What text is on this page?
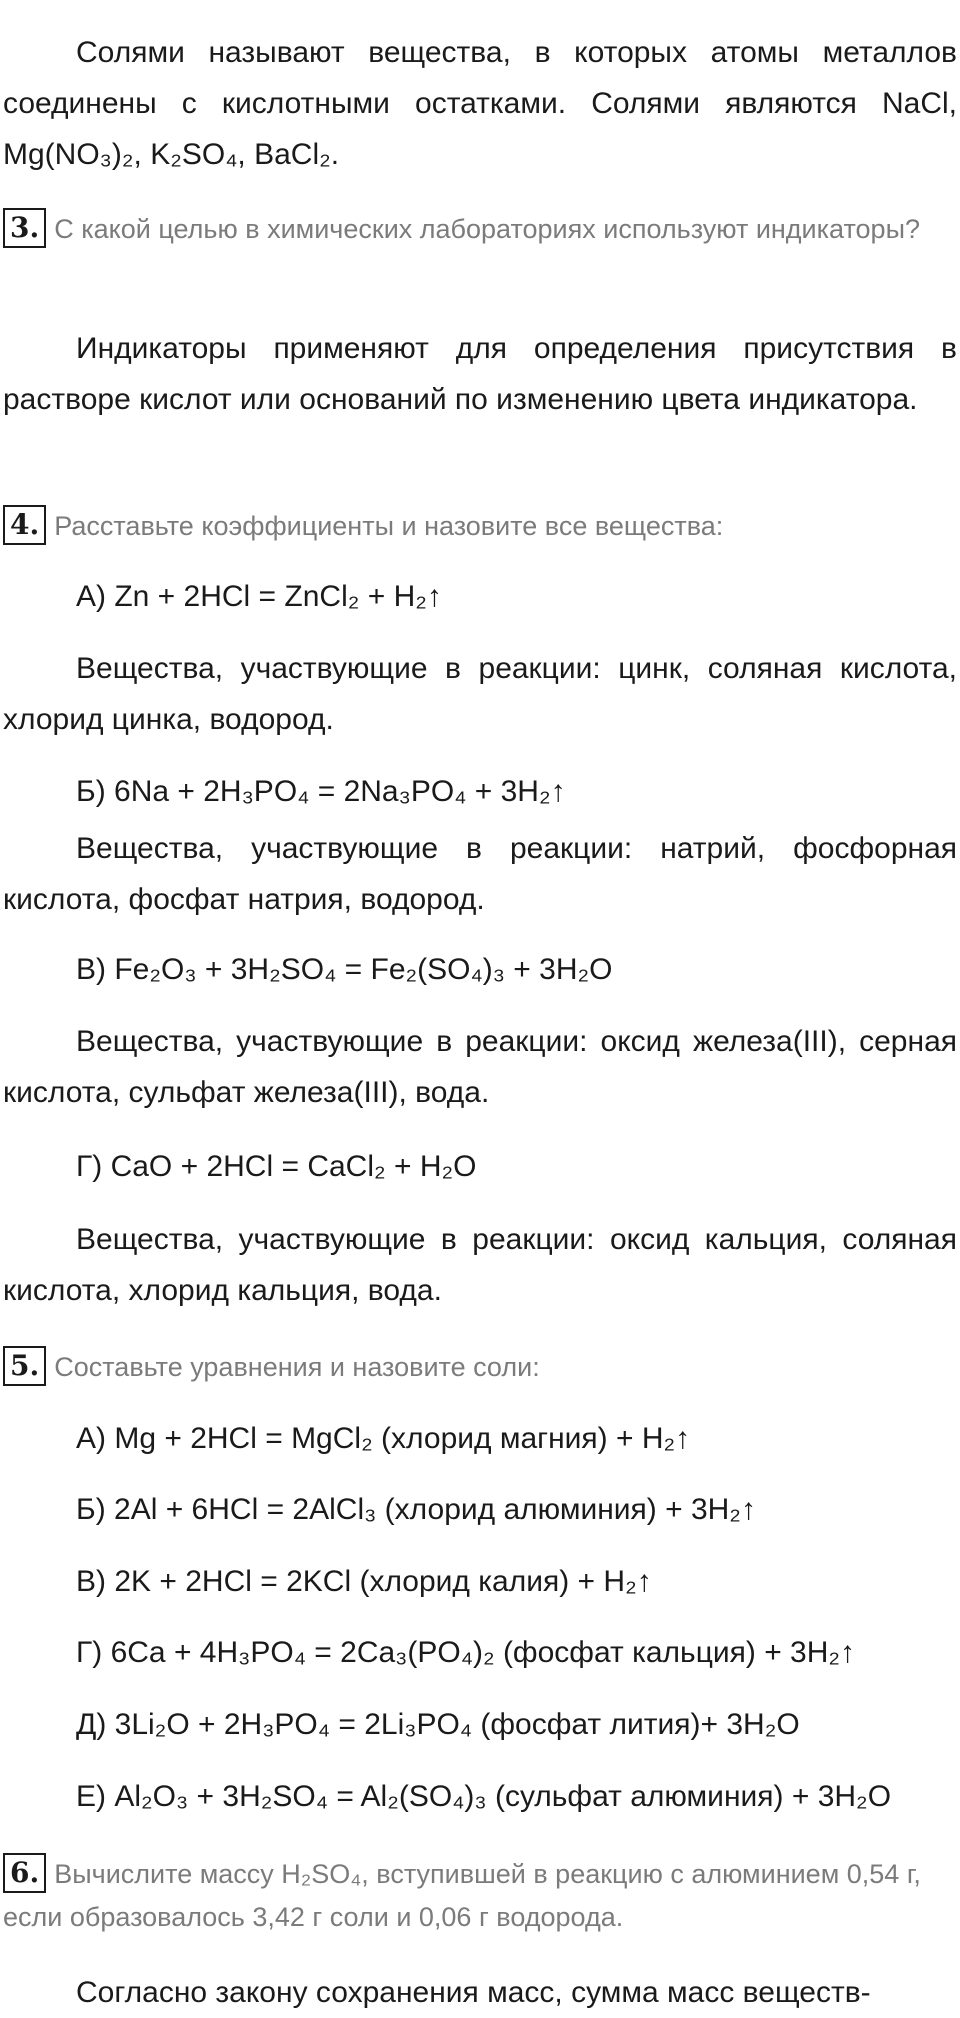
Солями называют вещества, в которых атомы металлов соединены с кислотными остатками. Солями являются NaCl, Mg(NO₃)₂, K₂SO₄, BaCl₂.

3. С какой целью в химических лабораториях используют индикаторы?

Индикаторы применяют для определения присутствия в растворе кислот или оснований по изменению цвета индикатора.

4. Расставьте коэффициенты и назовите все вещества:

А) Zn + 2HCl = ZnCl₂ + H₂↑

Вещества, участвующие в реакции: цинк, соляная кислота, хлорид цинка, водород.

Б) 6Na + 2H₃PO₄ = 2Na₃PO₄ + 3H₂↑

Вещества, участвующие в реакции: натрий, фосфорная кислота, фосфат натрия, водород.

В) Fe₂O₃ + 3H₂SO₄ = Fe₂(SO₄)₃ + 3H₂O

Вещества, участвующие в реакции: оксид железа(III), серная кислота, сульфат железа(III), вода.

Г) CaO + 2HCl = CaCl₂ + H₂O

Вещества, участвующие в реакции: оксид кальция, соляная кислота, хлорид кальция, вода.

5. Составьте уравнения и назовите соли:

А) Mg + 2HCl = MgCl₂ (хлорид магния) + H₂↑

Б) 2Al + 6HCl = 2AlCl₃ (хлорид алюминия) + 3H₂↑

В) 2K + 2HCl = 2KCl (хлорид калия) + H₂↑

Г) 6Ca + 4H₃PO₄ = 2Ca₃(PO₄)₂ (фосфат кальция) + 3H₂↑

Д) 3Li₂O + 2H₃PO₄ = 2Li₃PO₄ (фосфат лития)+ 3H₂O

Е) Al₂O₃ + 3H₂SO₄ = Al₂(SO₄)₃ (сульфат алюминия) + 3H₂O

6. Вычислите массу H₂SO₄, вступившей в реакцию с алюминием 0,54 г, если образовалось 3,42 г соли и 0,06 г водорода.

Согласно закону сохранения масс, сумма масс веществ-
